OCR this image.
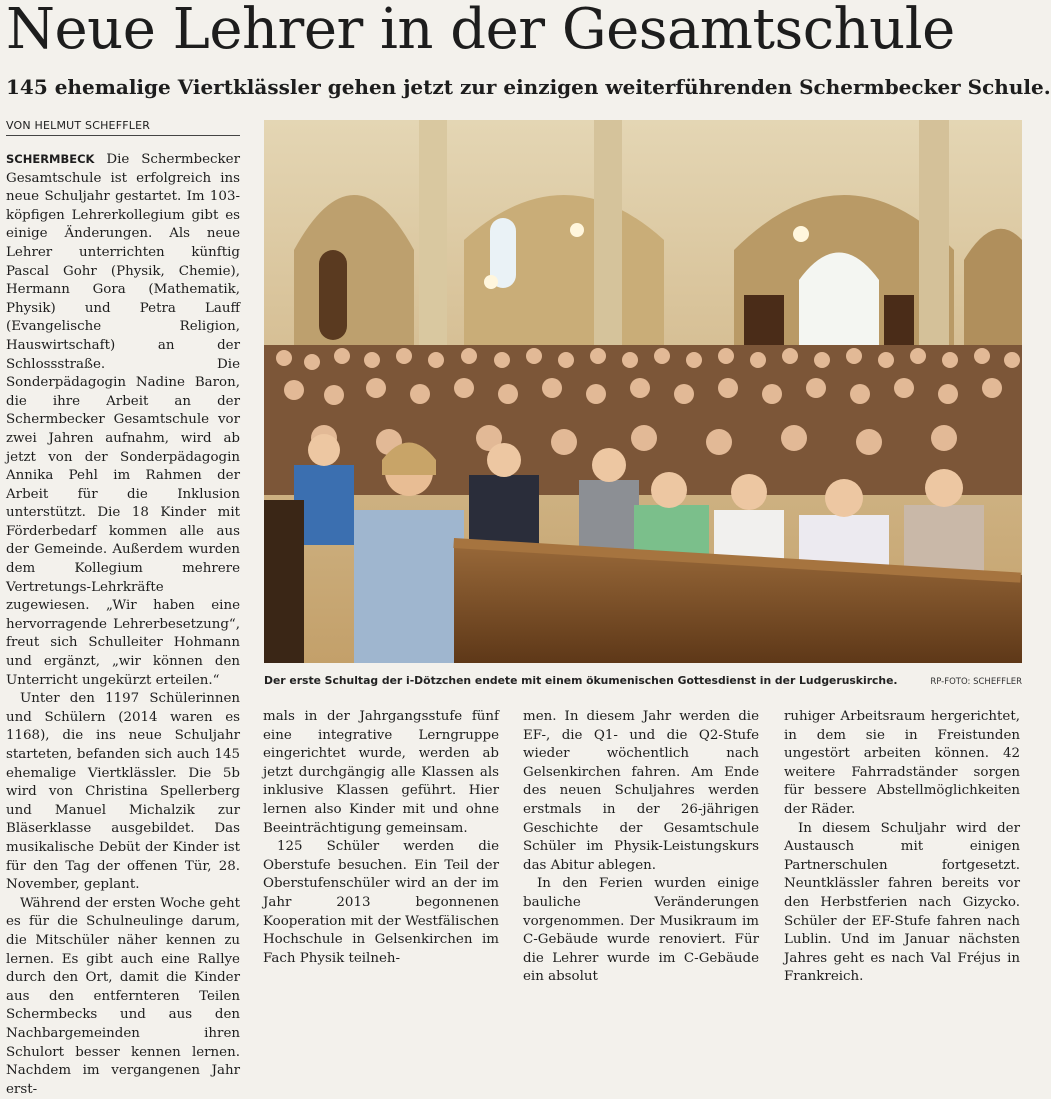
Neue Lehrer in der Gesamtschule
145 ehemalige Viertklässler gehen jetzt zur einzigen weiterführenden Schermbecker Schule.
VON HELMUT SCHEFFLER

SCHERMBECK Die Schermbecker Gesamtschule ist erfolgreich ins neue Schuljahr gestartet. Im 103-köpfigen Lehrerkollegium gibt es einige Änderungen. Als neue Lehrer unterrichten künftig Pascal Gohr (Physik, Chemie), Hermann Gora (Mathematik, Physik) und Petra Lauff (Evangelische Religion, Hauswirtschaft) an der Schlossstraße. Die Sonderpädagogin Nadine Baron, die ihre Arbeit an der Schermbecker Gesamtschule vor zwei Jahren aufnahm, wird ab jetzt von der Sonderpädagogin Annika Pehl im Rahmen der Arbeit für die Inklusion unterstützt. Die 18 Kinder mit Förderbedarf kommen alle aus der Gemeinde. Außerdem wurden dem Kollegium mehrere Vertretungs-Lehrkräfte zugewiesen. „Wir haben eine hervorragende Lehrerbesetzung“, freut sich Schulleiter Hohmann und ergänzt, „wir können den Unterricht ungekürzt erteilen.“

Unter den 1197 Schülerinnen und Schülern (2014 waren es 1168), die ins neue Schuljahr starteten, befanden sich auch 145 ehemalige Viertklässler. Die 5b wird von Christina Spellerberg und Manuel Michalzik zur Bläserklasse ausgebildet. Das musikalische Debüt der Kinder ist für den Tag der offenen Tür, 28. November, geplant.

Während der ersten Woche geht es für die Schulneulinge darum, die Mitschüler näher kennen zu lernen. Es gibt auch eine Rallye durch den Ort, damit die Kinder aus den entfernteren Teilen Schermbecks und aus den Nachbargemeinden ihren Schulort besser kennen lernen. Nachdem im vergangenen Jahr erst-

Der erste Schultag der i-Dötzchen endete mit einem ökumenischen Gottesdienst in der Ludgeruskirche.	RP-FOTO: SCHEFFLER

mals in der Jahrgangsstufe fünf eine integrative Lerngruppe eingerichtet wurde, werden ab jetzt durchgängig alle Klassen als inklusive Klassen geführt. Hier lernen also Kinder mit und ohne Beeinträchtigung gemeinsam.

125 Schüler werden die Oberstufe besuchen. Ein Teil der Oberstufenschüler wird an der im Jahr 2013 begonnenen Kooperation mit der Westfälischen Hochschule in Gelsenkirchen im Fach Physik teilneh-

men. In diesem Jahr werden die EF-, die Q1- und die Q2-Stufe wieder wöchentlich nach Gelsenkirchen fahren. Am Ende des neuen Schuljahres werden erstmals in der 26-jährigen Geschichte der Gesamtschule Schüler im Physik-Leistungskurs das Abitur ablegen.

In den Ferien wurden einige bauliche Veränderungen vorgenommen. Der Musikraum im C-Gebäude wurde renoviert. Für die Lehrer wurde im C-Gebäude ein absolut

ruhiger Arbeitsraum hergerichtet, in dem sie in Freistunden ungestört arbeiten können. 42 weitere Fahrradständer sorgen für bessere Abstellmöglichkeiten der Räder.

In diesem Schuljahr wird der Austausch mit einigen Partnerschulen fortgesetzt. Neuntklässler fahren bereits vor den Herbstferien nach Gizycko. Schüler der EF-Stufe fahren nach Lublin. Und im Januar nächsten Jahres geht es nach Val Fréjus in Frankreich.
